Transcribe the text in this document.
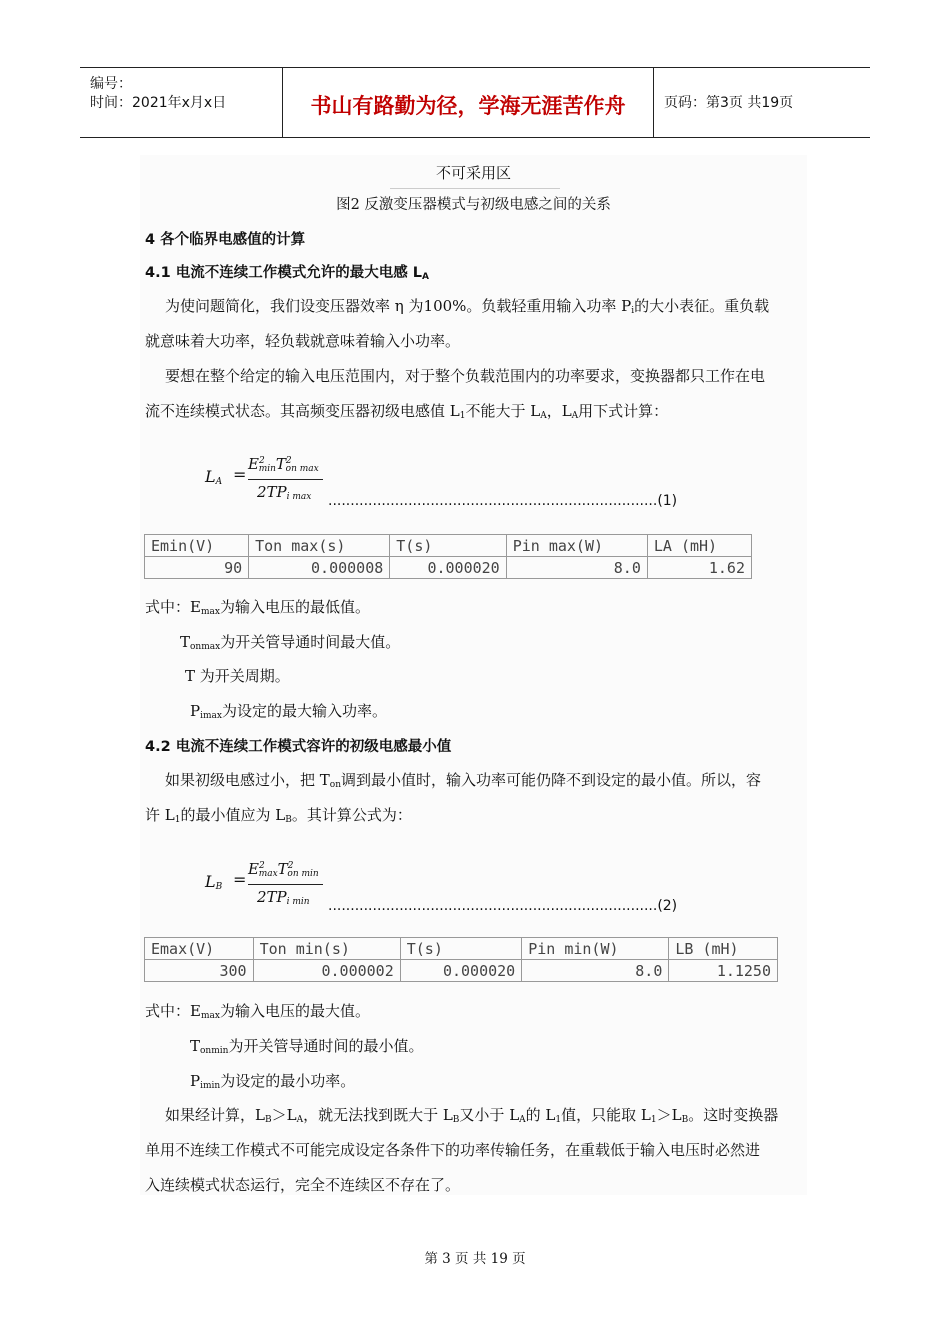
编号：
时间：2021年x月x日	书山有路勤为径，学海无涯苦作舟	页码：第3页 共19页
不可采用区
图2 反激变压器模式与初级电感之间的关系
4 各个临界电感值的计算
4.1 电流不连续工作模式允许的最大电感 $L_A$
为使问题简化，我们设变压器效率 η 为100%。负载轻重用输入功率 $P_i$的大小表征。重负载
就意味着大功率，轻负载就意味着输入小功率。
要想在整个给定的输入电压范围内，对于整个负载范围内的功率要求，变换器都只工作在电
流不连续模式状态。其高频变压器初级电感值 $L_1$不能大于 $L_A$，$L_A$用下式计算：
$L_A$ =
$E^2_{min}T^2_{on max}$
$2TP_{i max}$ ..........................................................................(1)
Emin(V)	Ton max(s)	T(s)	Pin max(W)	LA (mH)
90	0.000008	0.000020	8.0	1.62
式中：$E_{max}$为输入电压的最低值。
$T_{onmax}$为开关管导通时间最大值。
T 为开关周期。
$P_{imax}$为设定的最大输入功率。
4.2 电流不连续工作模式容许的初级电感最小值
如果初级电感过小，把 $T_{on}$调到最小值时，输入功率可能仍降不到设定的最小值。所以，容
许 $L_1$的最小值应为 $L_B$。其计算公式为：
$L_B$ =
$E^2_{max}T^2_{on min}$
$2TP_{i min}$ ..........................................................................(2)
Emax(V)	Ton min(s)	T(s)	Pin min(W)	LB (mH)
300	0.000002	0.000020	8.0	1.1250
式中：$E_{max}$为输入电压的最大值。
$T_{onmin}$为开关管导通时间的最小值。
$P_{imin}$为设定的最小功率。
如果经计算，$L_B>L_A$，就无法找到既大于 $L_B$又小于 $L_A$的 $L_1$值，只能取 $L_1>L_B$。这时变换器
单用不连续工作模式不可能完成设定各条件下的功率传输任务，在重载低于输入电压时必然进
入连续模式状态运行，完全不连续区不存在了。
第 3 页 共 19 页
